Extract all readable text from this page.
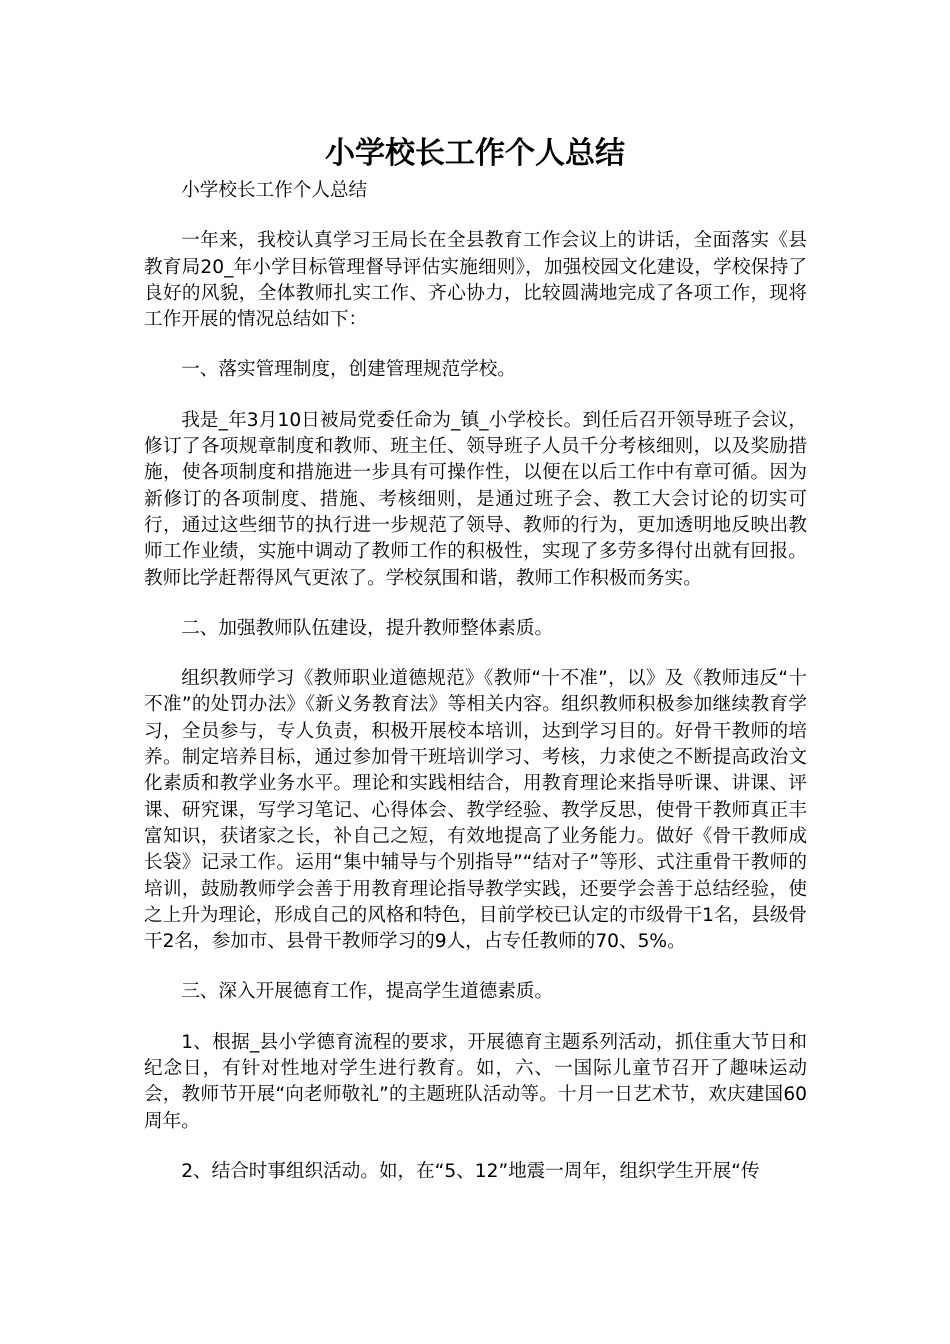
小学校长工作个人总结

小学校长工作个人总结

一年来，我校认真学习王局长在全县教育工作会议上的讲话，全面落实《县教育局20_年小学目标管理督导评估实施细则》，加强校园文化建设，学校保持了良好的风貌，全体教师扎实工作、齐心协力，比较圆满地完成了各项工作，现将工作开展的情况总结如下：

一、落实管理制度，创建管理规范学校。

我是_年3月10日被局党委任命为_镇_小学校长。到任后召开领导班子会议，修订了各项规章制度和教师、班主任、领导班子人员千分考核细则，以及奖励措施，使各项制度和措施进一步具有可操作性，以便在以后工作中有章可循。因为新修订的各项制度、措施、考核细则，是通过班子会、教工大会讨论的切实可行，通过这些细节的执行进一步规范了领导、教师的行为，更加透明地反映出教师工作业绩，实施中调动了教师工作的积极性，实现了多劳多得付出就有回报。教师比学赶帮得风气更浓了。学校氛围和谐，教师工作积极而务实。

二、加强教师队伍建设，提升教师整体素质。

组织教师学习《教师职业道德规范》《教师“十不准”，以》及《教师违反“十不准”的处罚办法》《新义务教育法》等相关内容。组织教师积极参加继续教育学习，全员参与，专人负责，积极开展校本培训，达到学习目的。好骨干教师的培养。制定培养目标，通过参加骨干班培训学习、考核，力求使之不断提高政治文化素质和教学业务水平。理论和实践相结合，用教育理论来指导听课、讲课、评课、研究课，写学习笔记、心得体会、教学经验、教学反思，使骨干教师真正丰富知识，获诸家之长，补自己之短，有效地提高了业务能力。做好《骨干教师成长袋》记录工作。运用“集中辅导与个别指导”“结对子”等形、式注重骨干教师的培训，鼓励教师学会善于用教育理论指导教学实践，还要学会善于总结经验，使之上升为理论，形成自己的风格和特色，目前学校已认定的市级骨干1名，县级骨干2名，参加市、县骨干教师学习的9人，占专任教师的70、5%。

三、深入开展德育工作，提高学生道德素质。

1、根据_县小学德育流程的要求，开展德育主题系列活动，抓住重大节日和纪念日，有针对性地对学生进行教育。如，六、一国际儿童节召开了趣味运动会，教师节开展“向老师敬礼”的主题班队活动等。十月一日艺术节，欢庆建国60周年。

2、结合时事组织活动。如，在“5、12”地震一周年，组织学生开展“传
